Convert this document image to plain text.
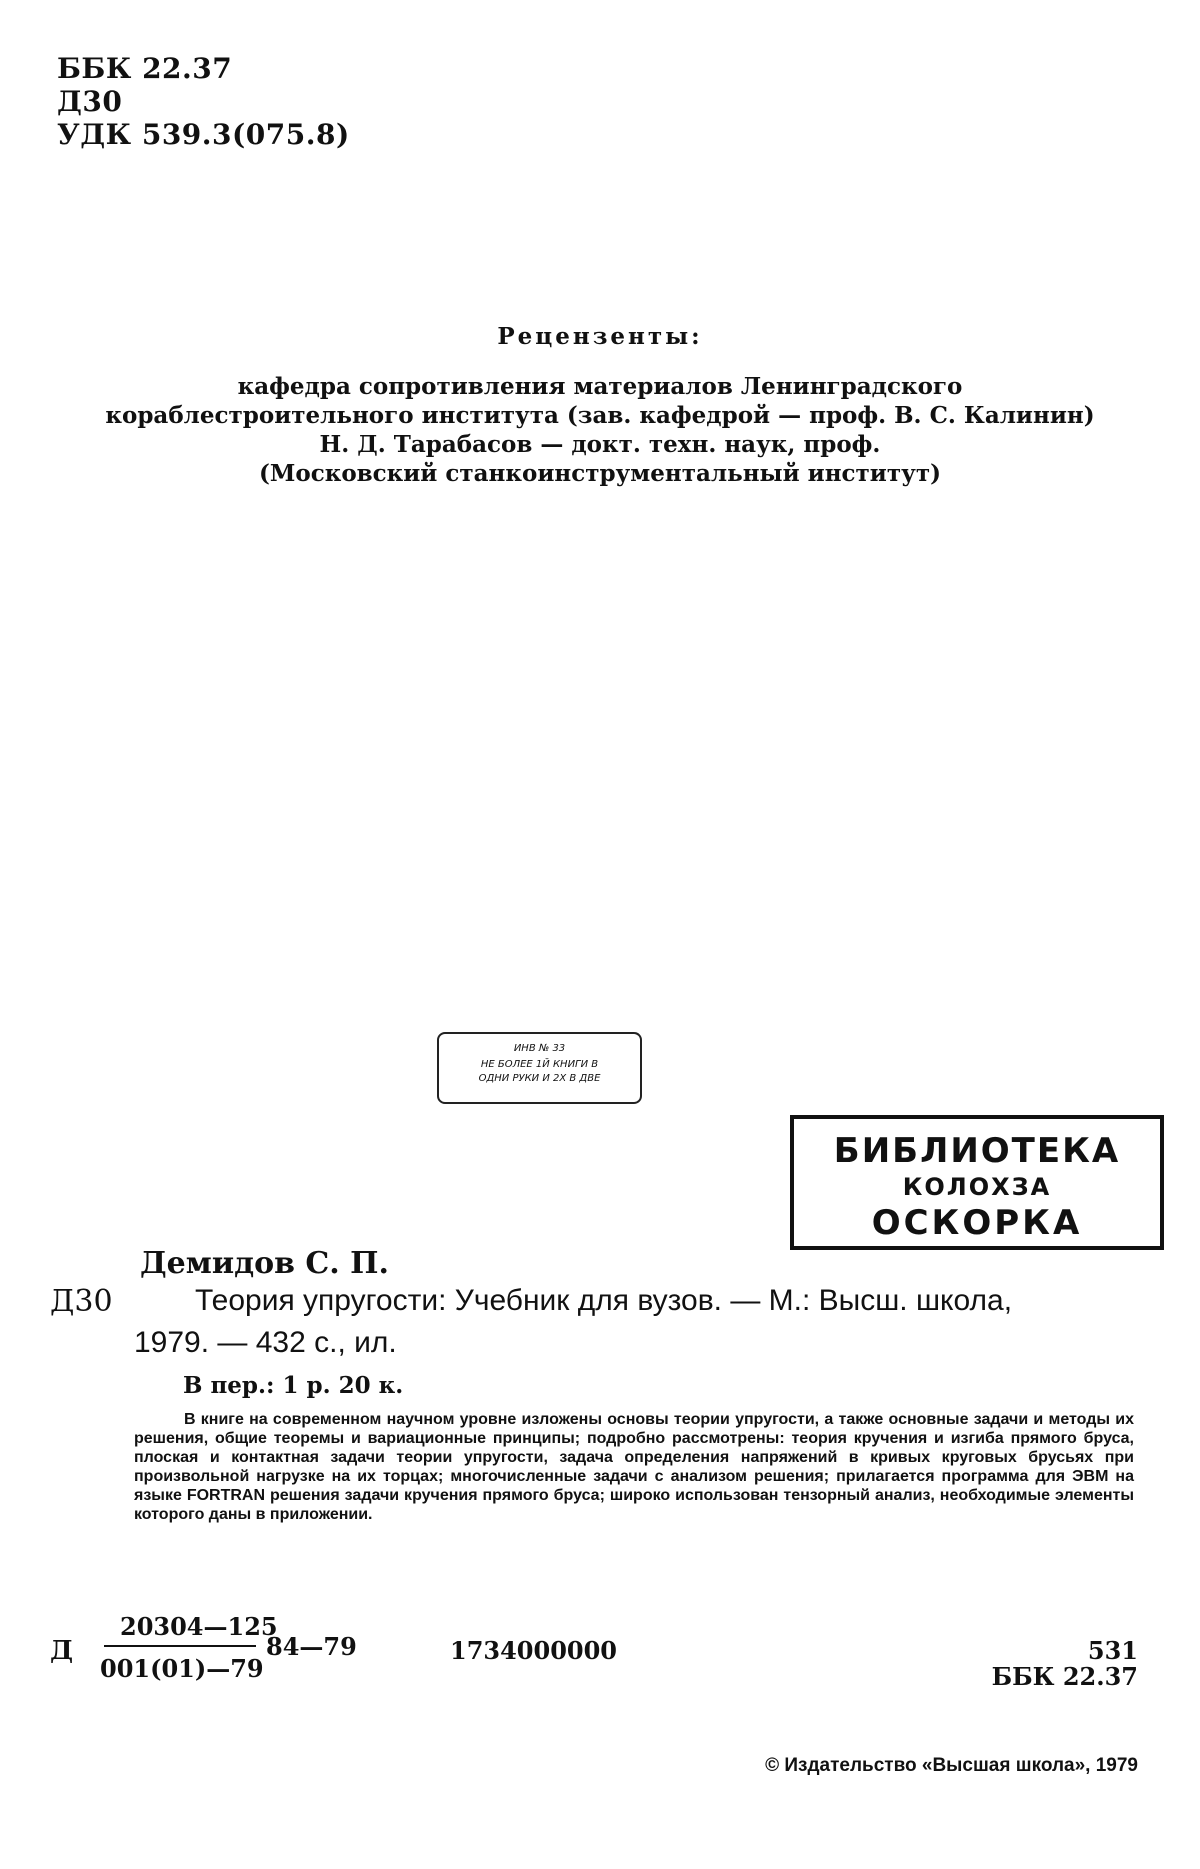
ББК 22.37
Д30
УДК 539.3(075.8)
Рецензенты:
кафедра сопротивления материалов Ленинградского
кораблестроительного института (зав. кафедрой — проф. В. С. Калинин)
Н. Д. Тарабасов — докт. техн. наук, проф.
(Московский станкоинструментальный институт)
ИНВ № 33
НЕ БОЛЕЕ 1Й КНИГИ В
ОДНИ РУКИ И 2Х В ДВЕ
БИБЛИОТЕКА
КОЛОХЗА
ОСКОРКА
Демидов С. П.
Д30	Теория упругости: Учебник для вузов. — М.: Высш. школа,
1979. — 432 с., ил.
В пер.: 1 р. 20 к.
В книге на современном научном уровне изложены основы теории упругости, а также основные задачи и методы их решения, общие теоремы и вариационные принципы; подробно рассмотрены: теория кручения и изгиба прямого бруса, плоская и контактная задачи теории упругости, задача определения напряжений в кривых круговых брусьях при произвольной нагрузке на их торцах; многочисленные задачи с анализом решения; прилагается программа для ЭВМ на языке FORTRAN решения задачи кручения прямого бруса; широко использован тензорный анализ, необходимые элементы которого даны в приложении.
Д
20304—125
001(01)—79
84—79	1734000000	531
ББК 22.37
© Издательство «Высшая школа», 1979
